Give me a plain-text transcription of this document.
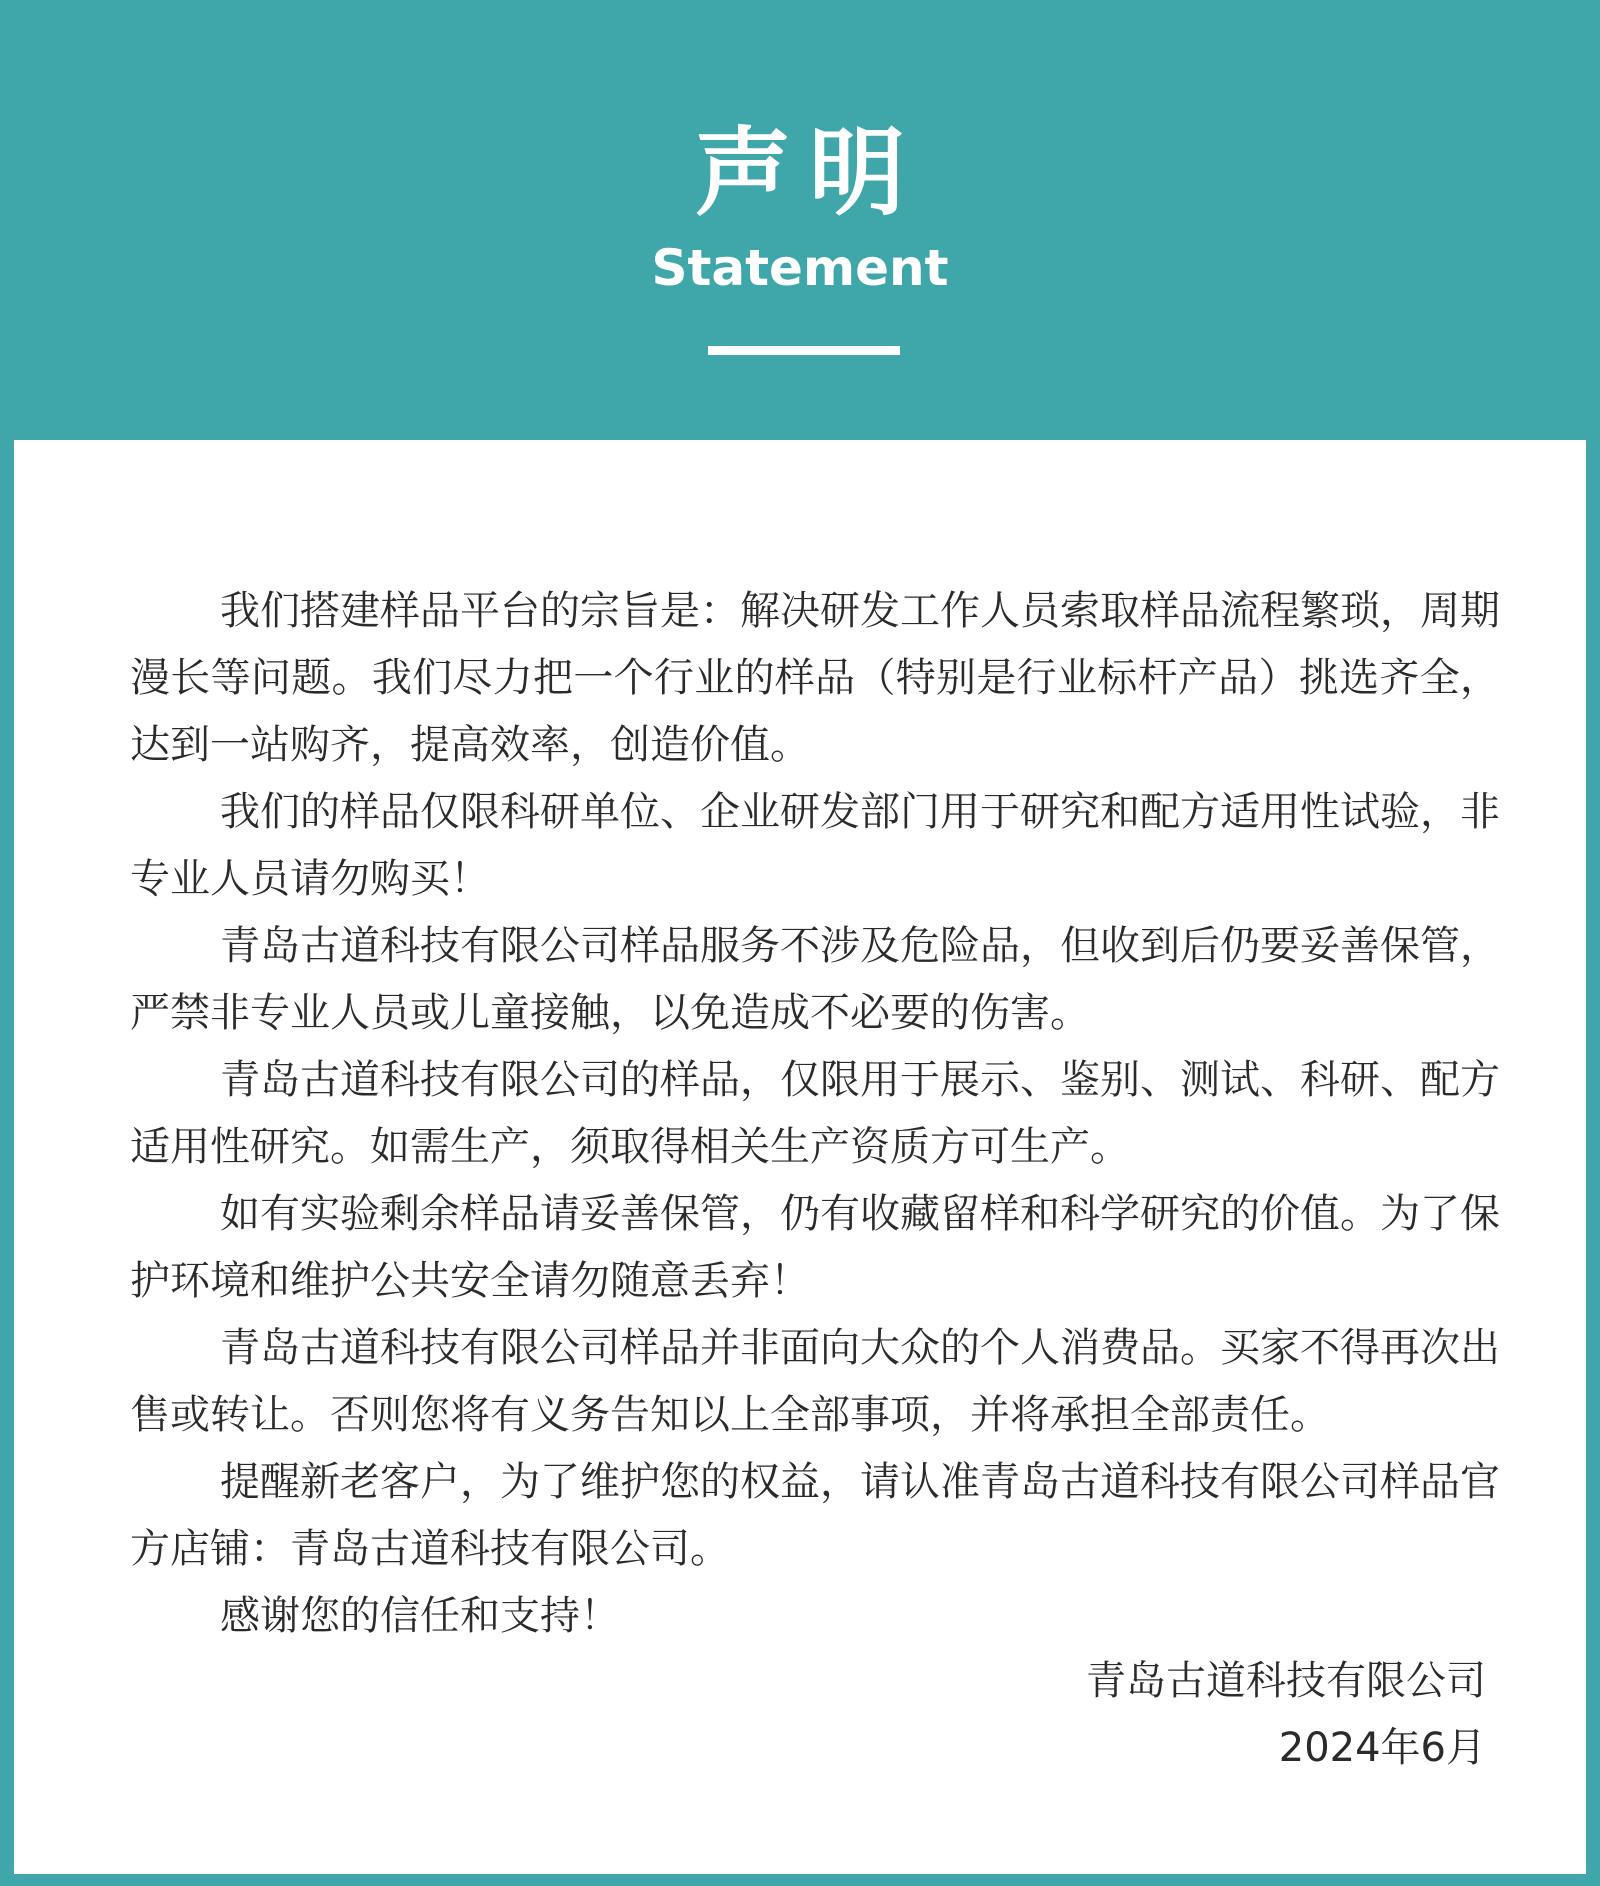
声明
Statement

我们搭建样品平台的宗旨是：解决研发工作人员索取样品流程繁琐，周期漫长等问题。我们尽力把一个行业的样品（特别是行业标杆产品）挑选齐全，达到一站购齐，提高效率，创造价值。

我们的样品仅限科研单位、企业研发部门用于研究和配方适用性试验，非专业人员请勿购买！

青岛古道科技有限公司样品服务不涉及危险品，但收到后仍要妥善保管，严禁非专业人员或儿童接触，以免造成不必要的伤害。

青岛古道科技有限公司的样品，仅限用于展示、鉴别、测试、科研、配方适用性研究。如需生产，须取得相关生产资质方可生产。

如有实验剩余样品请妥善保管，仍有收藏留样和科学研究的价值。为了保护环境和维护公共安全请勿随意丢弃！

青岛古道科技有限公司样品并非面向大众的个人消费品。买家不得再次出售或转让。否则您将有义务告知以上全部事项，并将承担全部责任。

提醒新老客户，为了维护您的权益，请认准青岛古道科技有限公司样品官方店铺：青岛古道科技有限公司。

感谢您的信任和支持！

青岛古道科技有限公司
2024年6月
